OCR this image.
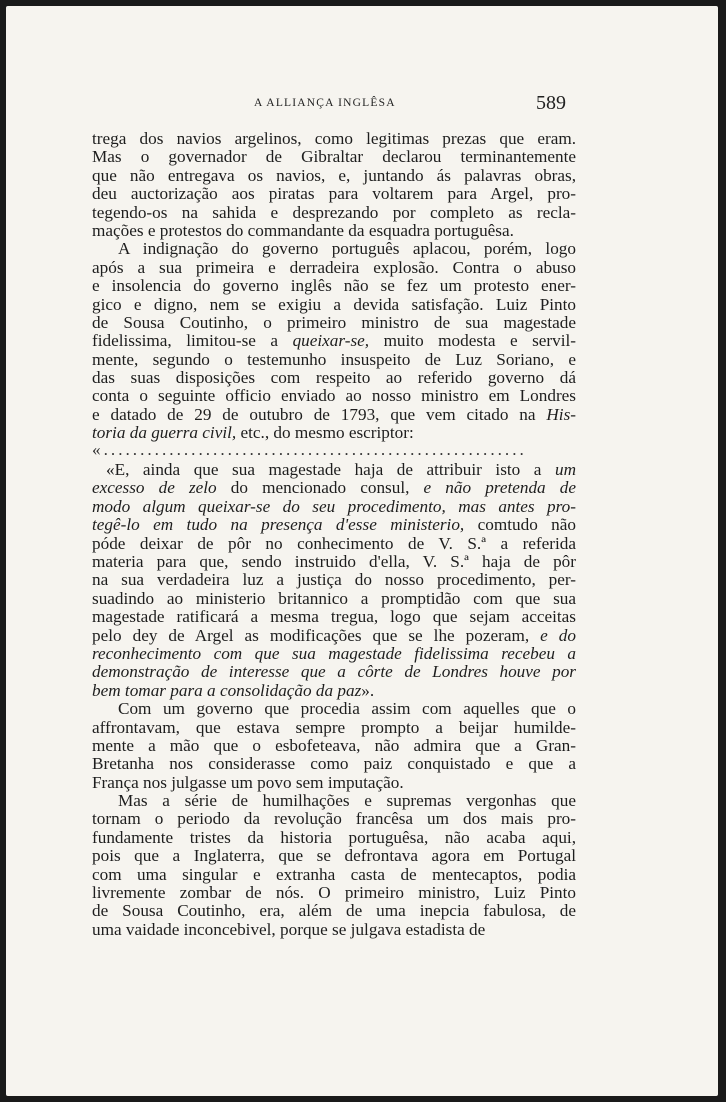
A ALLIANÇA INGLÊSA	589
trega dos navios argelinos, como legitimas prezas que eram.
Mas o governador de Gibraltar declarou terminantemente
que não entregava os navios, e, juntando ás palavras obras,
deu auctorização aos piratas para voltarem para Argel, pro-
tegendo-os na sahida e desprezando por completo as recla-
mações e protestos do commandante da esquadra portuguêsa.
A indignação do governo português aplacou, porém, logo
após a sua primeira e derradeira explosão. Contra o abuso
e insolencia do governo inglês não se fez um protesto ener-
gico e digno, nem se exigiu a devida satisfação. Luiz Pinto
de Sousa Coutinho, o primeiro ministro de sua magestade
fidelissima, limitou-se a queixar-se, muito modesta e servil-
mente, segundo o testemunho insuspeito de Luz Soriano, e
das suas disposições com respeito ao referido governo dá
conta o seguinte officio enviado ao nosso ministro em Londres
e datado de 29 de outubro de 1793, que vem citado na His-
toria da guerra civil, etc., do mesmo escriptor:
«..........................................................
«E, ainda que sua magestade haja de attribuir isto a um
excesso de zelo do mencionado consul, e não pretenda de
modo algum queixar-se do seu procedimento, mas antes pro-
tegê-lo em tudo na presença d'esse ministerio, comtudo não
póde deixar de pôr no conhecimento de V. S.ª a referida
materia para que, sendo instruido d'ella, V. S.ª haja de pôr
na sua verdadeira luz a justiça do nosso procedimento, per-
suadindo ao ministerio britannico a promptidão com que sua
magestade ratificará a mesma tregua, logo que sejam acceitas
pelo dey de Argel as modificações que se lhe pozeram, e do
reconhecimento com que sua magestade fidelissima recebeu a
demonstração de interesse que a côrte de Londres houve por
bem tomar para a consolidação da paz».
Com um governo que procedia assim com aquelles que o
affrontavam, que estava sempre prompto a beijar humilde-
mente a mão que o esbofeteava, não admira que a Gran-
Bretanha nos considerasse como paiz conquistado e que a
França nos julgasse um povo sem imputação.
Mas a série de humilhações e supremas vergonhas que
tornam o periodo da revolução francêsa um dos mais pro-
fundamente tristes da historia portuguêsa, não acaba aqui,
pois que a Inglaterra, que se defrontava agora em Portugal
com uma singular e extranha casta de mentecaptos, podia
livremente zombar de nós. O primeiro ministro, Luiz Pinto
de Sousa Coutinho, era, além de uma inepcia fabulosa, de
uma vaidade inconcebivel, porque se julgava estadista de
